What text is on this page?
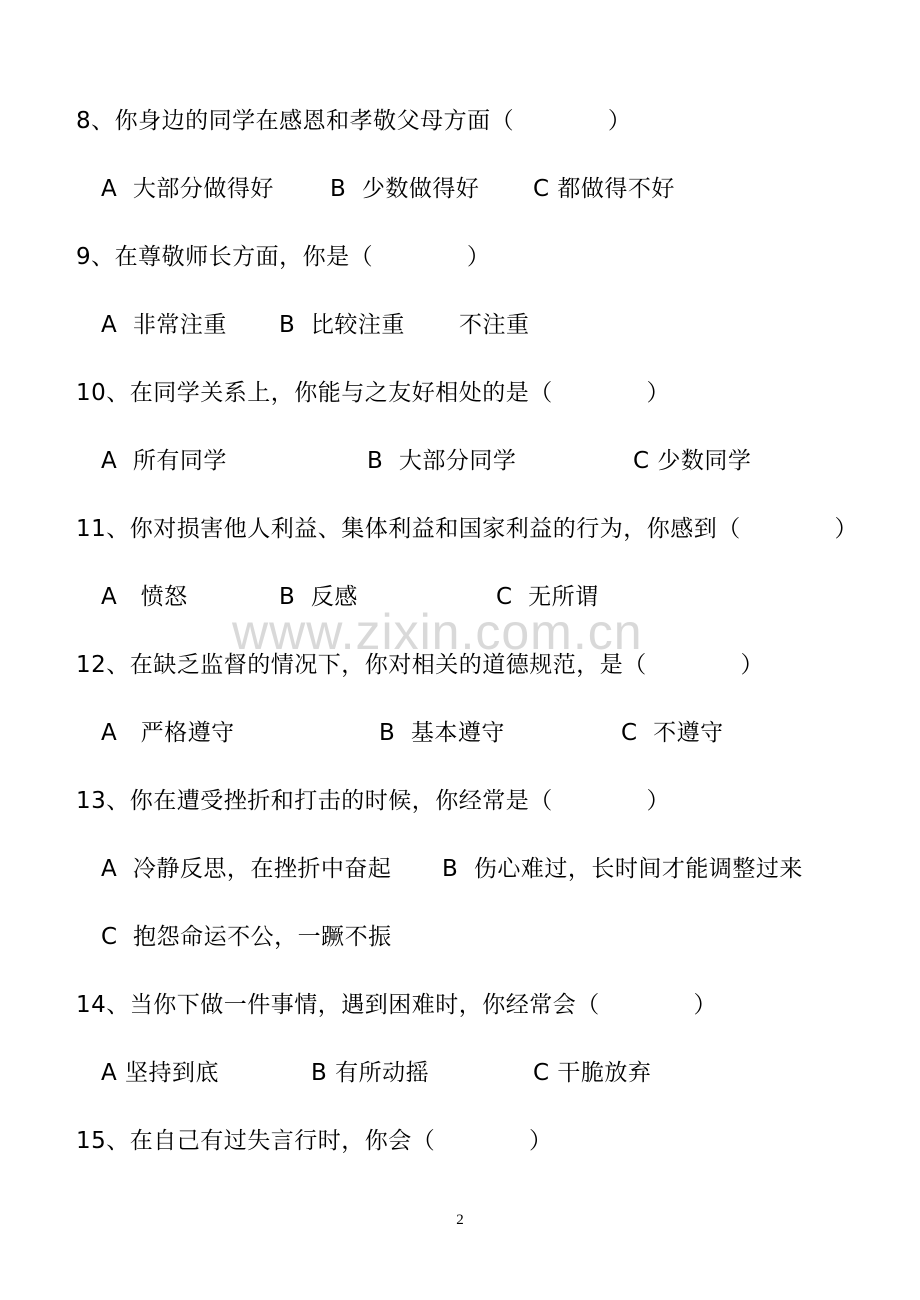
www.zixin.com.cn
8、你身边的同学在感恩和孝敬父母方面（            ）
A  大部分做得好 B  少数做得好 C 都做得不好
9、在尊敬师长方面，你是（            ）
A  非常注重 B  比较注重 不注重
10、在同学关系上，你能与之友好相处的是（            ）
A  所有同学	B  大部分同学	C 少数同学
11、你对损害他人利益、集体利益和国家利益的行为，你感到（            ）
A   愤怒	B  反感	C  无所谓
12、在缺乏监督的情况下，你对相关的道德规范，是（            ）
A   严格遵守	B  基本遵守	C  不遵守
13、你在遭受挫折和打击的时候，你经常是（            ）
A  冷静反思，在挫折中奋起 B  伤心难过，长时间才能调整过来
C  抱怨命运不公，一蹶不振
14、当你下做一件事情，遇到困难时，你经常会（            ）
A 坚持到底	B 有所动摇	C 干脆放弃
15、在自己有过失言行时，你会（            ）
2
